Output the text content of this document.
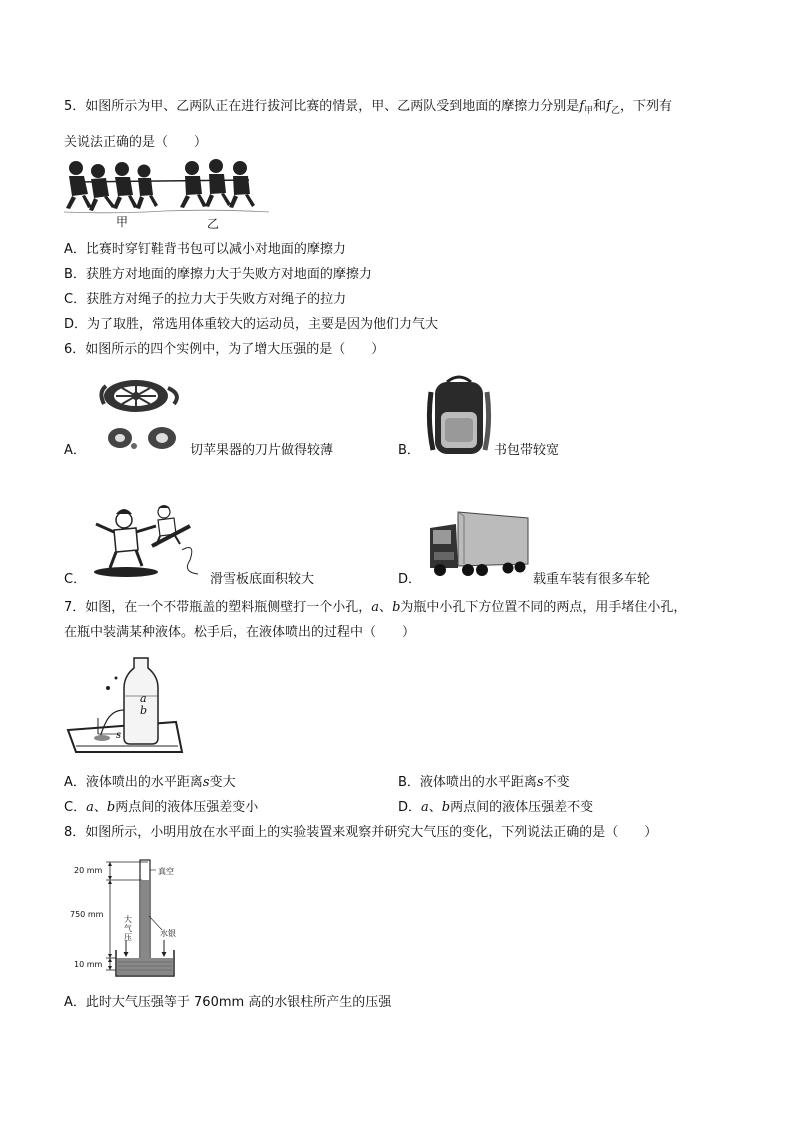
5．如图所示为甲、乙两队正在进行拔河比赛的情景，甲、乙两队受到地面的摩擦力分别是$f_甲$和$f_乙$，下列有
关说法正确的是（　　）
甲	乙
A．比赛时穿钉鞋背书包可以减小对地面的摩擦力
B．获胜方对地面的摩擦力大于失败方对地面的摩擦力
C．获胜方对绳子的拉力大于失败方对绳子的拉力
D．为了取胜，常选用体重较大的运动员，主要是因为他们力气大
6．如图所示的四个实例中，为了增大压强的是（　　）
A．	切苹果器的刀片做得较薄	B．	书包带较宽
C．	滑雪板底面积较大	D．	载重车装有很多车轮
7．如图，在一个不带瓶盖的塑料瓶侧壁打一个小孔，a、b为瓶中小孔下方位置不同的两点，用手堵住小孔，
在瓶中装满某种液体。松手后，在液体喷出的过程中（　　）
a
b
s
A．液体喷出的水平距离s变大	B．液体喷出的水平距离s不变
C．a、b两点间的液体压强差变小	D．a、b两点间的液体压强差不变
8．如图所示，小明用放在水平面上的实验装置来观察并研究大气压的变化，下列说法正确的是（　　）
20 mm
750 mm
10 mm
真空
大
气
压	水银
A．此时大气压强等于 760mm 高的水银柱所产生的压强
